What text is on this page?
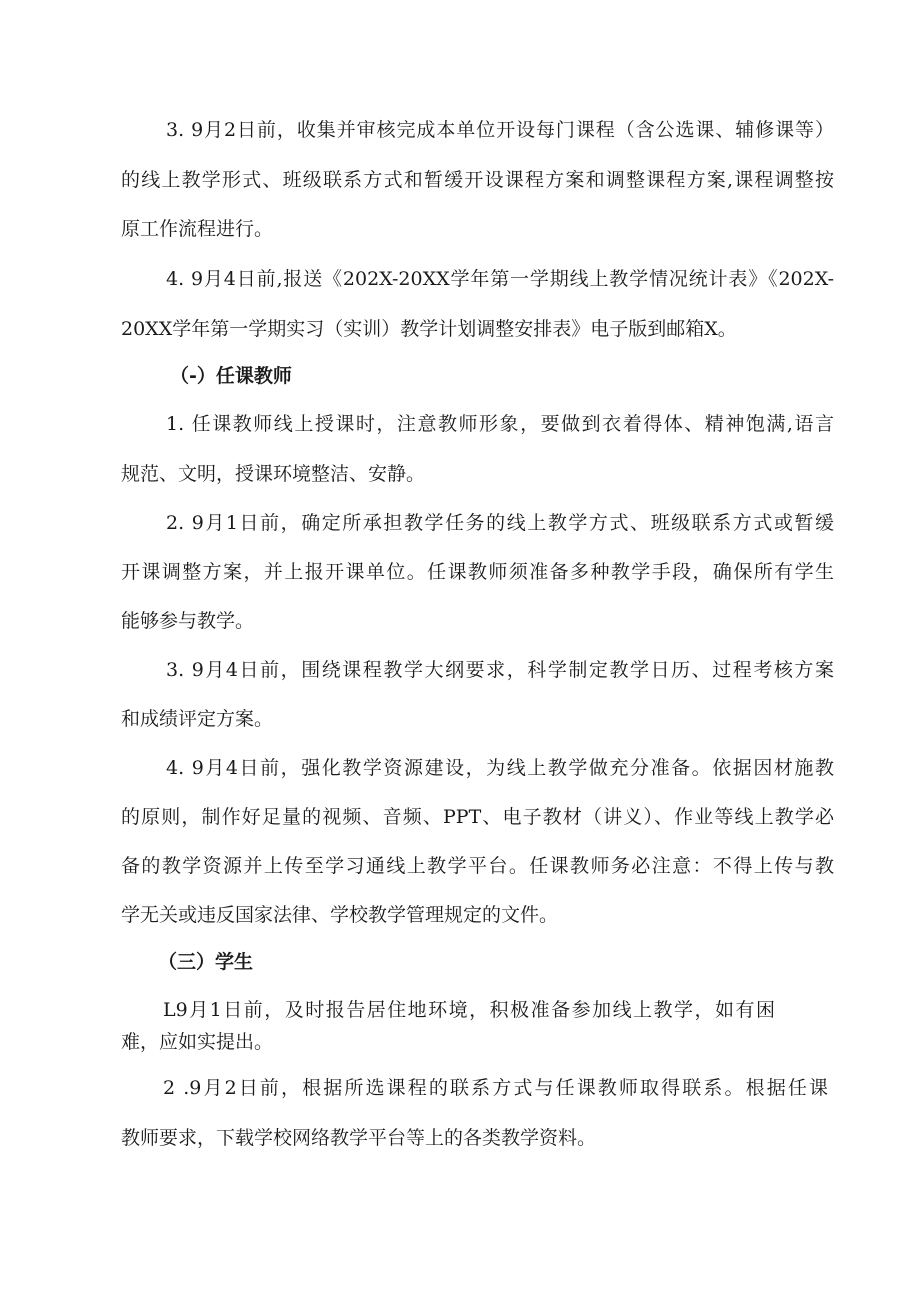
3. 9月2日前，收集并审核完成本单位开设每门课程（含公选课、辅修课等）

的线上教学形式、班级联系方式和暂缓开设课程方案和调整课程方案,课程调整按

原工作流程进行。

4. 9月4日前,报送《202X-20XX学年第一学期线上教学情况统计表》《202X-

20XX学年第一学期实习（实训）教学计划调整安排表》电子版到邮箱X。

（-）任课教师

1. 任课教师线上授课时，注意教师形象，要做到衣着得体、精神饱满,语言

规范、文明，授课环境整洁、安静。

2. 9月1日前，确定所承担教学任务的线上教学方式、班级联系方式或暂缓

开课调整方案，并上报开课单位。任课教师须准备多种教学手段，确保所有学生

能够参与教学。

3. 9月4日前，围绕课程教学大纲要求，科学制定教学日历、过程考核方案

和成绩评定方案。

4. 9月4日前，强化教学资源建设，为线上教学做充分准备。依据因材施教

的原则，制作好足量的视频、音频、PPT、电子教材（讲义）、作业等线上教学必

备的教学资源并上传至学习通线上教学平台。任课教师务必注意：不得上传与教

学无关或违反国家法律、学校教学管理规定的文件。

（三）学生

L9月1日前，及时报告居住地环境，积极准备参加线上教学，如有困

难，应如实提出。

2 .9月2日前，根据所选课程的联系方式与任课教师取得联系。根据任课

教师要求，下载学校网络教学平台等上的各类教学资料。
